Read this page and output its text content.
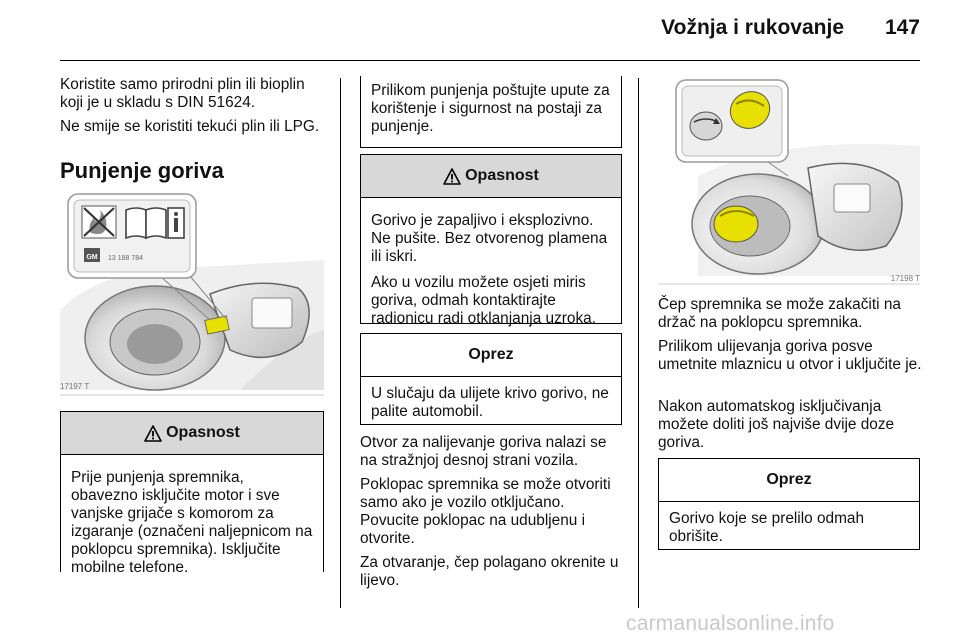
Vožnja i rukovanje 147
Koristite samo prirodni plin ili bioplin koji je u skladu s DIN 51624.
Ne smije se koristiti tekući plin ili LPG.
Punjenje goriva
GM 13 188 784
17197 T
Opasnost
Prije punjenja spremnika, obavezno isključite motor i sve vanjske grijače s komorom za izgaranje (označeni naljepnicom na poklopcu spremnika). Isključite mobilne telefone.
Prilikom punjenja poštujte upute za korištenje i sigurnost na postaji za punjenje.
Opasnost
Gorivo je zapaljivo i eksplozivno. Ne pušite. Bez otvorenog plamena ili iskri.
Ako u vozilu možete osjeti miris goriva, odmah kontaktirajte radionicu radi otklanjanja uzroka.
Oprez
U slučaju da ulijete krivo gorivo, ne palite automobil.
Otvor za nalijevanje goriva nalazi se na stražnjoj desnoj strani vozila.
Poklopac spremnika se može otvoriti samo ako je vozilo otključano. Povucite poklopac na udubljenu i otvorite.
Za otvaranje, čep polagano okrenite u lijevo.
17198 T
Čep spremnika se može zakačiti na držač na poklopcu spremnika.
Prilikom ulijevanja goriva posve umetnite mlaznicu u otvor i uključite je.
Nakon automatskog isključivanja možete doliti još najviše dvije doze goriva.
Oprez
Gorivo koje se prelilo odmah obrišite.
carmanualsonline.info
